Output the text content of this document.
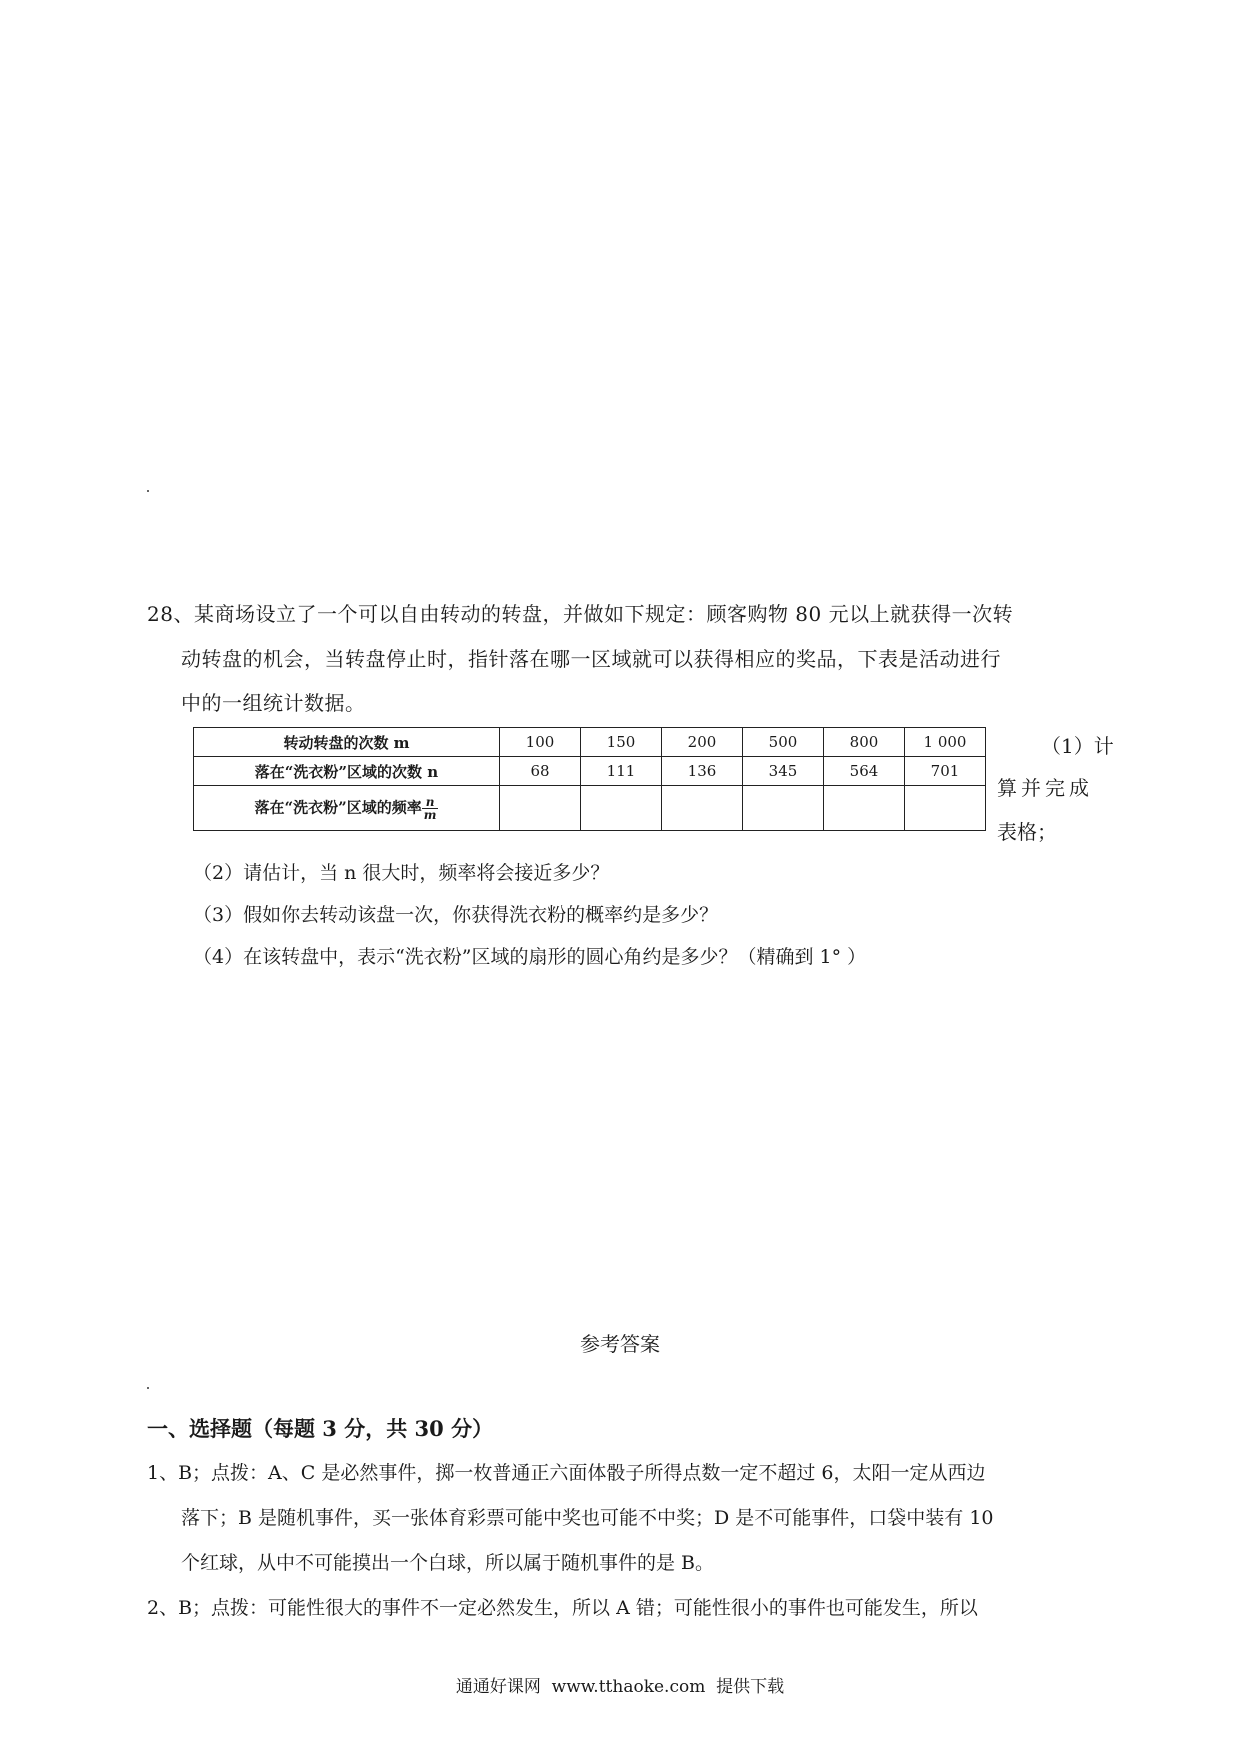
28、某商场设立了一个可以自由转动的转盘，并做如下规定：顾客购物 80 元以上就获得一次转
动转盘的机会，当转盘停止时，指针落在哪一区域就可以获得相应的奖品，下表是活动进行
中的一组统计数据。
转动转盘的次数 m	100	150	200	500	800	1 000
落在“洗衣粉”区域的次数 n	68	111	136	345	564	701
落在“洗衣粉”区域的频率 $\frac{n}{m}$

（1）计
算并完成
表格；
（2）请估计，当 n 很大时，频率将会接近多少？
（3）假如你去转动该盘一次，你获得洗衣粉的概率约是多少？
（4）在该转盘中，表示“洗衣粉”区域的扇形的圆心角约是多少？（精确到 1° ）
参考答案
一、选择题（每题 3 分，共 30 分）
1、B；点拨：A、C 是必然事件，掷一枚普通正六面体骰子所得点数一定不超过 6，太阳一定从西边
落下；B 是随机事件，买一张体育彩票可能中奖也可能不中奖；D 是不可能事件，口袋中装有 10
个红球，从中不可能摸出一个白球，所以属于随机事件的是 B。
2、B；点拨：可能性很大的事件不一定必然发生，所以 A 错；可能性很小的事件也可能发生，所以
通通好课网  www.tthaoke.com  提供下载
